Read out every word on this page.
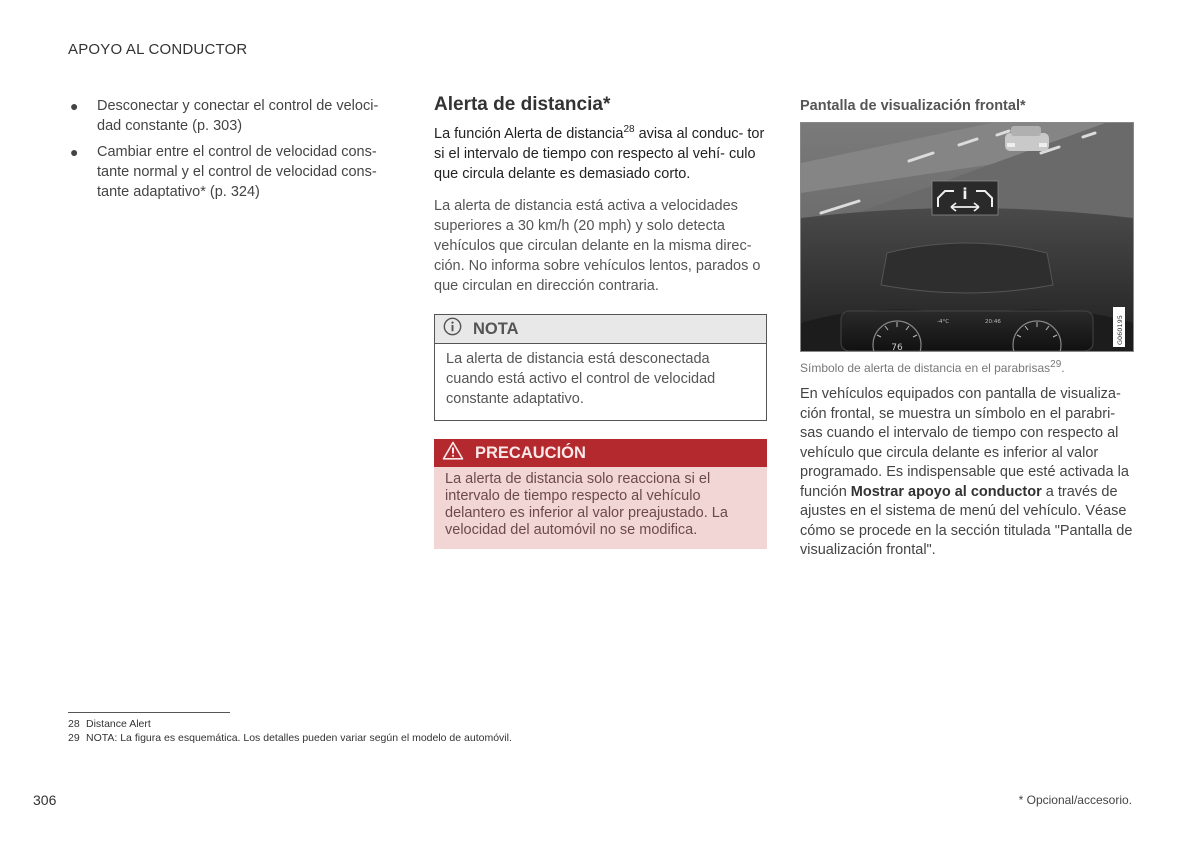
APOYO AL CONDUCTOR
● Desconectar y conectar el control de veloci- dad constante (p. 303)
● Cambiar entre el control de velocidad cons- tante normal y el control de velocidad cons- tante adaptativo* (p. 324)
Alerta de distancia*

La función Alerta de distancia$^{28}$ avisa al conduc- tor si el intervalo de tiempo con respecto al vehí- culo que circula delante es demasiado corto.

La alerta de distancia está activa a velocidades superiores a 30 km/h (20 mph) y solo detecta vehículos que circulan delante en la misma direc- ción. No informa sobre vehículos lentos, parados o que circulan en dirección contraria.

NOTA
La alerta de distancia está desconectada cuando está activo el control de velocidad constante adaptativo.
PRECAUCIÓN
La alerta de distancia solo reacciona si el intervalo de tiempo respecto al vehículo delantero es inferior al valor preajustado. La velocidad del automóvil no se modifica.
Pantalla de visualización frontal*
i
-4°C	20:46
76
G060195
Símbolo de alerta de distancia en el parabrisas$^{29}$.

En vehículos equipados con pantalla de visualiza- ción frontal, se muestra un símbolo en el parabri- sas cuando el intervalo de tiempo con respecto al vehículo que circula delante es inferior al valor programado. Es indispensable que esté activada la función Mostrar apoyo al conductor a través de ajustes en el sistema de menú del vehículo. Véase cómo se procede en la sección titulada "Pantalla de visualización frontal".

28 Distance Alert
29 NOTA: La figura es esquemática. Los detalles pueden variar según el modelo de automóvil.
306	* Opcional/accesorio.
